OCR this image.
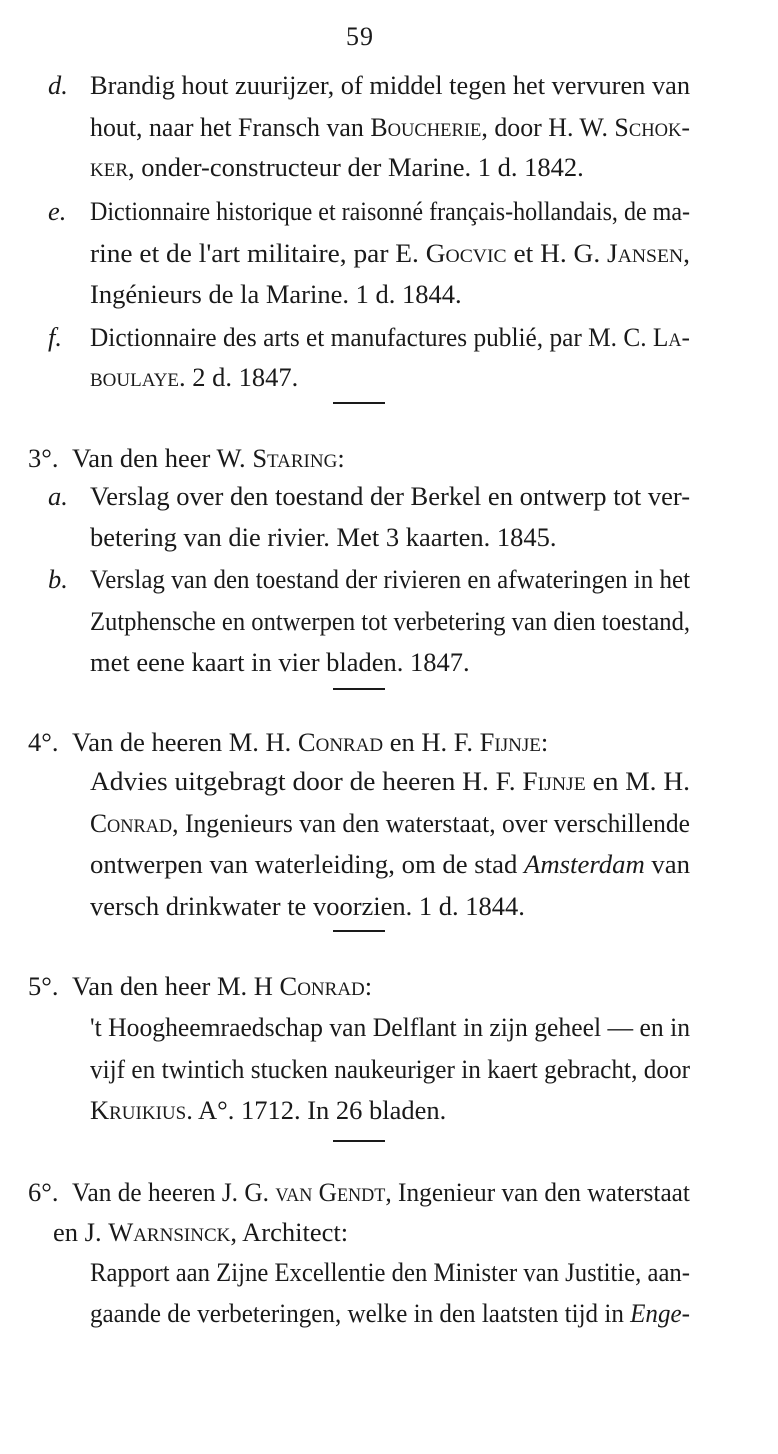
59
d. Brandig hout zuurijzer, of middel tegen het vervuren van
hout, naar het Fransch van Boucherie, door H. W. Schok-
ker, onder-constructeur der Marine. 1 d. 1842.
e. Dictionnaire historique et raisonné français-hollandais, de ma-
rine et de l'art militaire, par E. Gocvic et H. G. Jansen,
Ingénieurs de la Marine. 1 d. 1844.
f. Dictionnaire des arts et manufactures publié, par M. C. La-
boulaye. 2 d. 1847.
3°. Van den heer W. Staring:
a. Verslag over den toestand der Berkel en ontwerp tot ver-
betering van die rivier. Met 3 kaarten. 1845.
b. Verslag van den toestand der rivieren en afwateringen in het
Zutphensche en ontwerpen tot verbetering van dien toestand,
met eene kaart in vier bladen. 1847.
4°. Van de heeren M. H. Conrad en H. F. Fijnje:
Advies uitgebragt door de heeren H. F. Fijnje en M. H.
Conrad, Ingenieurs van den waterstaat, over verschillende
ontwerpen van waterleiding, om de stad Amsterdam van
versch drinkwater te voorzien. 1 d. 1844.
5°. Van den heer M. H Conrad:
't Hoogheemraedschap van Delflant in zijn geheel — en in
vijf en twintich stucken naukeuriger in kaert gebracht, door
Kruikius. A°. 1712. In 26 bladen.
6°. Van de heeren J. G. van Gendt, Ingenieur van den waterstaat
en J. Warnsinck, Architect:
Rapport aan Zijne Excellentie den Minister van Justitie, aan-
gaande de verbeteringen, welke in den laatsten tijd in Enge-
